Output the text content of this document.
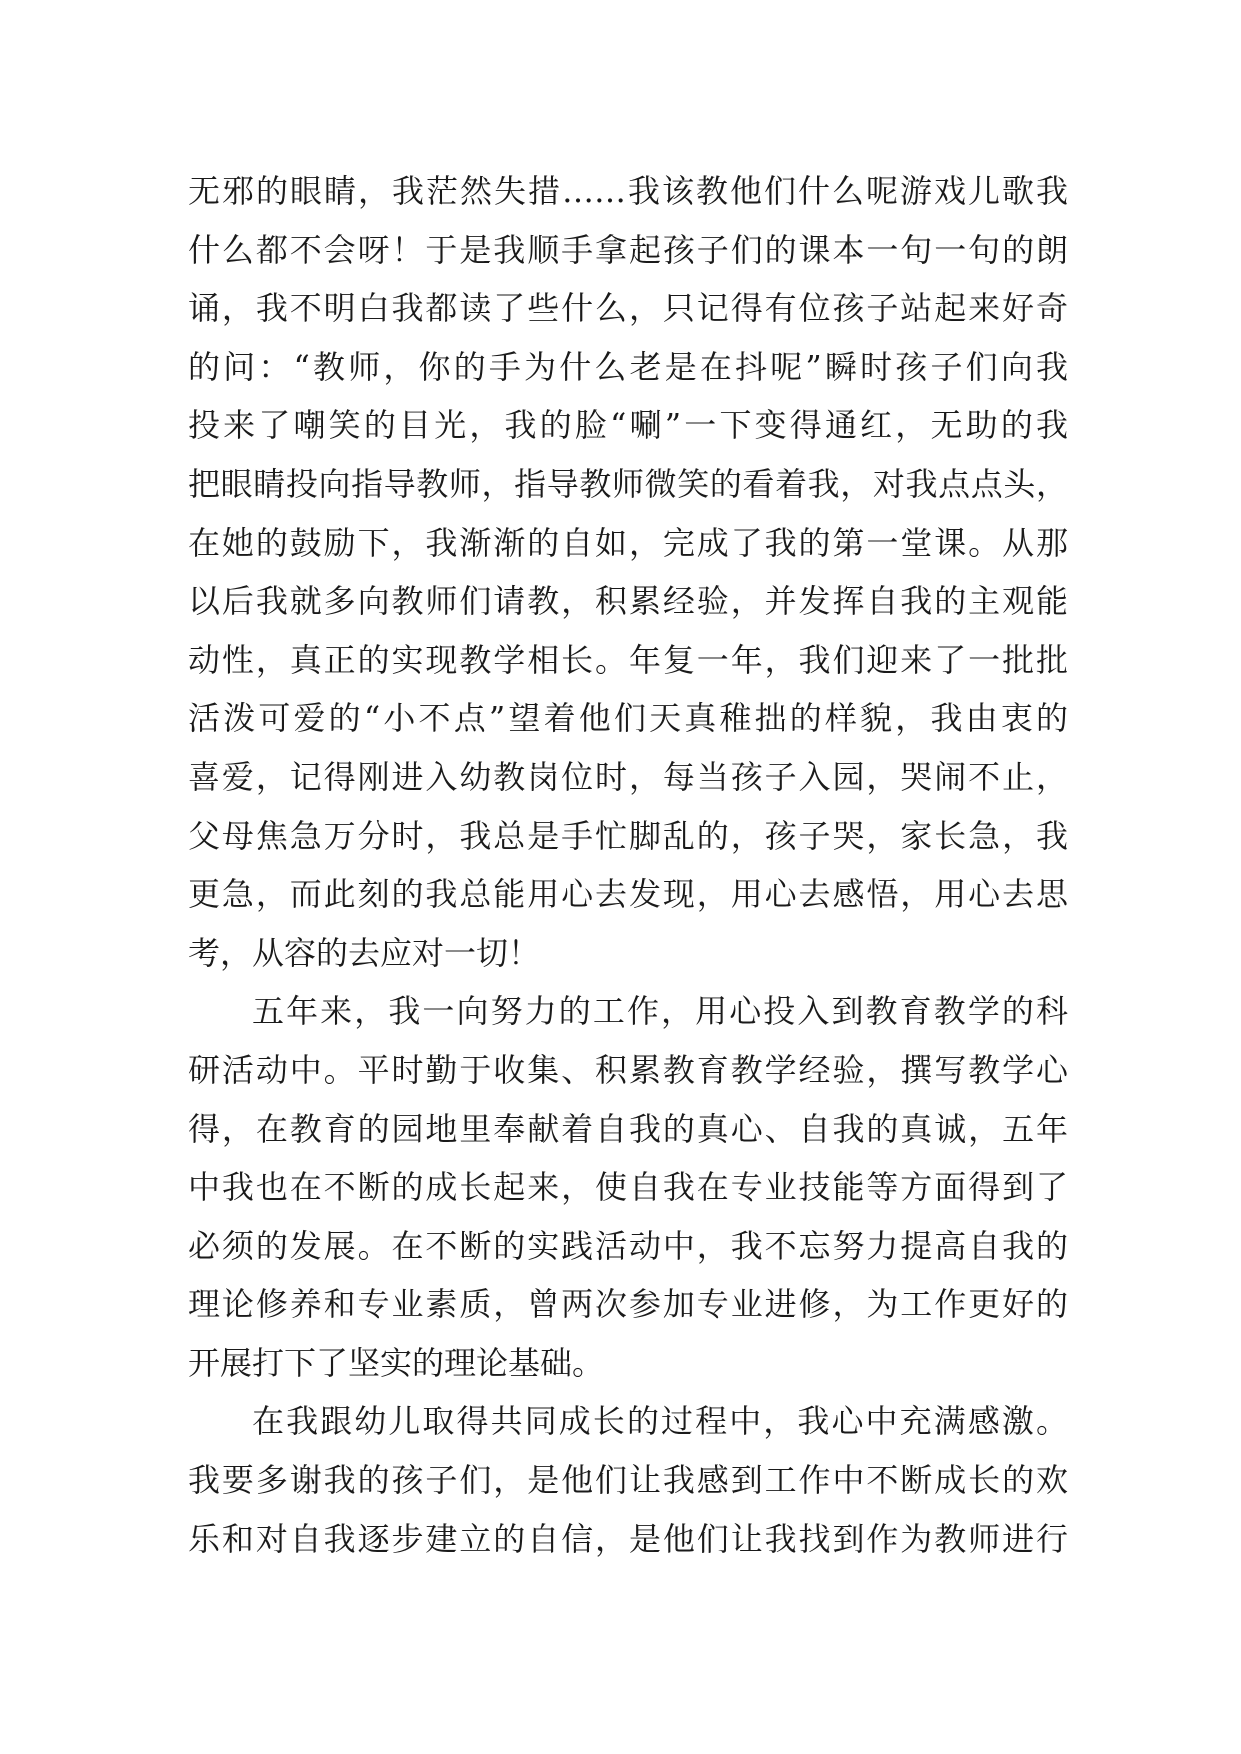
无邪的眼睛，我茫然失措……我该教他们什么呢游戏儿歌我
什么都不会呀！于是我顺手拿起孩子们的课本一句一句的朗
诵，我不明白我都读了些什么，只记得有位孩子站起来好奇
的问：“教师，你的手为什么老是在抖呢”瞬时孩子们向我
投来了嘲笑的目光，我的脸“唰”一下变得通红，无助的我
把眼睛投向指导教师，指导教师微笑的看着我，对我点点头，
在她的鼓励下，我渐渐的自如，完成了我的第一堂课。从那
以后我就多向教师们请教，积累经验，并发挥自我的主观能
动性，真正的实现教学相长。年复一年，我们迎来了一批批
活泼可爱的“小不点”望着他们天真稚拙的样貌，我由衷的
喜爱，记得刚进入幼教岗位时，每当孩子入园，哭闹不止，
父母焦急万分时，我总是手忙脚乱的，孩子哭，家长急，我
更急，而此刻的我总能用心去发现，用心去感悟，用心去思
考，从容的去应对一切！
五年来，我一向努力的工作，用心投入到教育教学的科
研活动中。平时勤于收集、积累教育教学经验，撰写教学心
得，在教育的园地里奉献着自我的真心、自我的真诚，五年
中我也在不断的成长起来，使自我在专业技能等方面得到了
必须的发展。在不断的实践活动中，我不忘努力提高自我的
理论修养和专业素质，曾两次参加专业进修，为工作更好的
开展打下了坚实的理论基础。
在我跟幼儿取得共同成长的过程中，我心中充满感激。
我要多谢我的孩子们，是他们让我感到工作中不断成长的欢
乐和对自我逐步建立的自信，是他们让我找到作为教师进行
